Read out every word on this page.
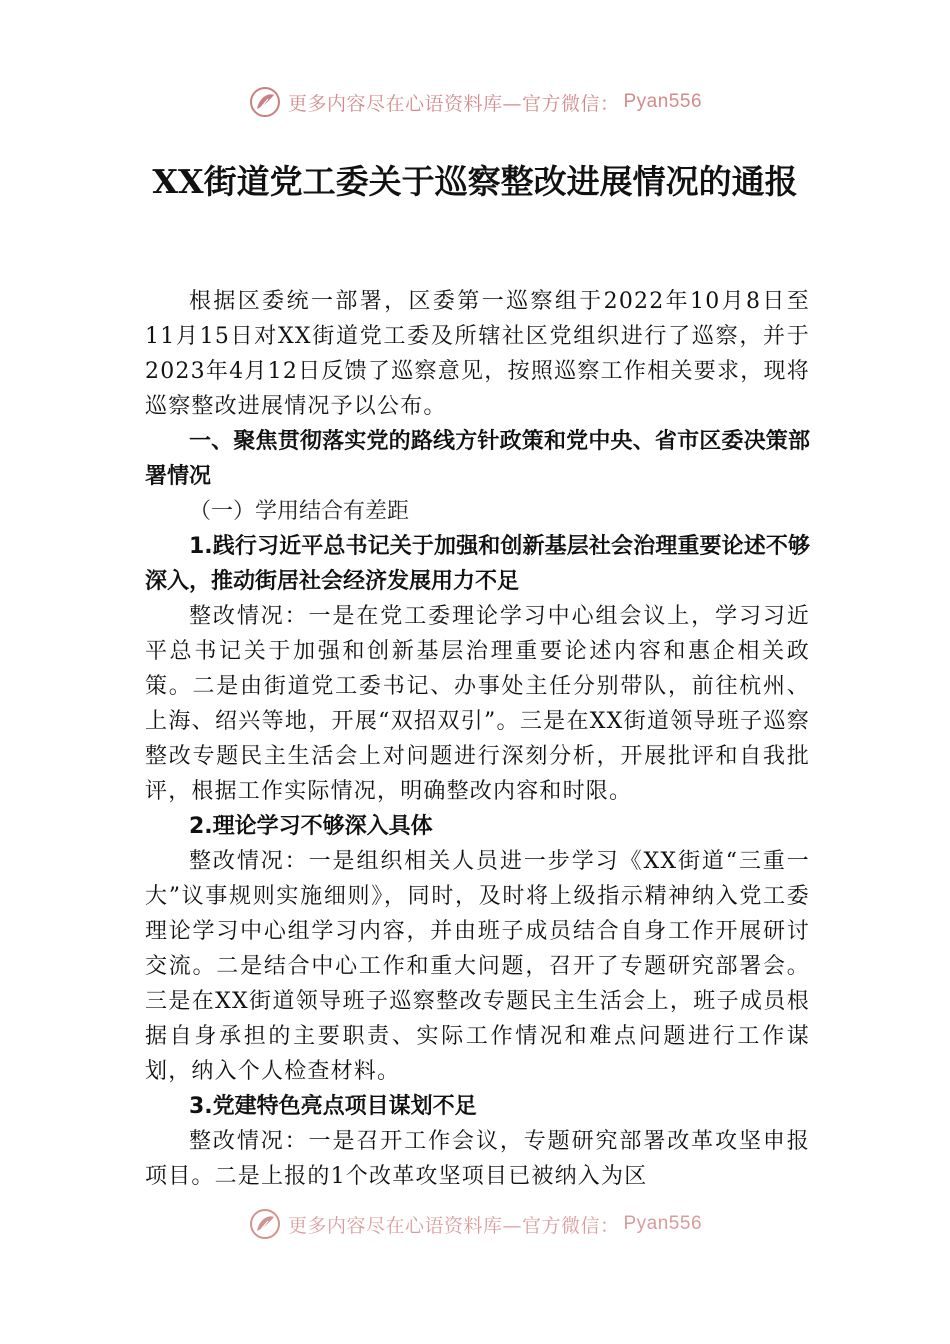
更多内容尽在心语资料库—官方微信： Pyan556
XX街道党工委关于巡察整改进展情况的通报

根据区委统一部署，区委第一巡察组于2022年10月8日至11月15日对XX街道党工委及所辖社区党组织进行了巡察，并于2023年4月12日反馈了巡察意见，按照巡察工作相关要求，现将巡察整改进展情况予以公布。

一、聚焦贯彻落实党的路线方针政策和党中央、省市区委决策部署情况

（一）学用结合有差距

1.践行习近平总书记关于加强和创新基层社会治理重要论述不够深入，推动街居社会经济发展用力不足

整改情况：一是在党工委理论学习中心组会议上，学习习近平总书记关于加强和创新基层治理重要论述内容和惠企相关政策。二是由街道党工委书记、办事处主任分别带队，前往杭州、上海、绍兴等地，开展“双招双引”。三是在XX街道领导班子巡察整改专题民主生活会上对问题进行深刻分析，开展批评和自我批评，根据工作实际情况，明确整改内容和时限。

2.理论学习不够深入具体

整改情况：一是组织相关人员进一步学习《XX街道“三重一大”议事规则实施细则》，同时，及时将上级指示精神纳入党工委理论学习中心组学习内容，并由班子成员结合自身工作开展研讨交流。二是结合中心工作和重大问题，召开了专题研究部署会。三是在XX街道领导班子巡察整改专题民主生活会上，班子成员根据自身承担的主要职责、实际工作情况和难点问题进行工作谋划，纳入个人检查材料。

3.党建特色亮点项目谋划不足

整改情况：一是召开工作会议，专题研究部署改革攻坚申报项目。二是上报的1个改革攻坚项目已被纳入为区

更多内容尽在心语资料库—官方微信： Pyan556
